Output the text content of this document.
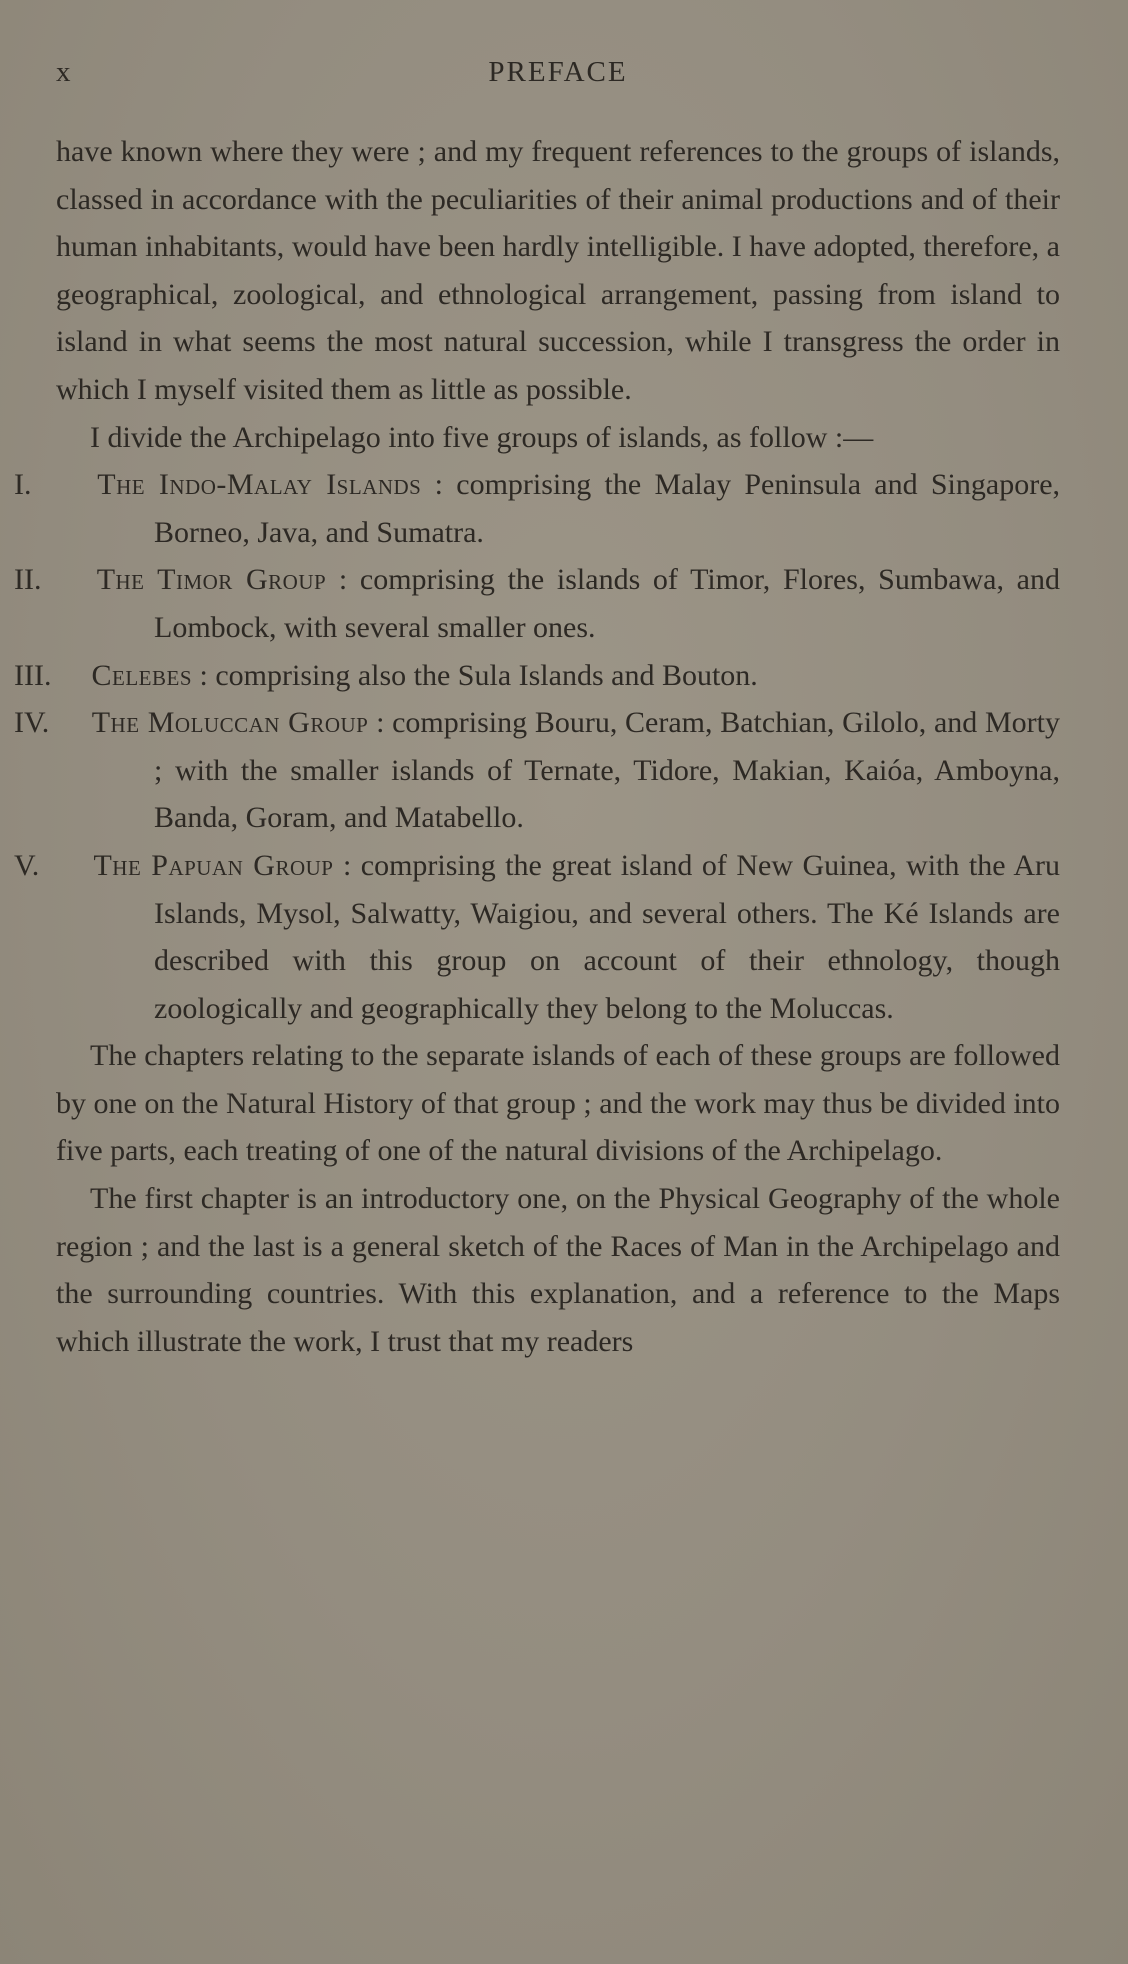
x	PREFACE

have known where they were ; and my frequent references to the groups of islands, classed in accordance with the peculiarities of their animal productions and of their human inhabitants, would have been hardly intelligible. I have adopted, therefore, a geographical, zoological, and ethnological arrangement, passing from island to island in what seems the most natural succession, while I transgress the order in which I myself visited them as little as possible.

I divide the Archipelago into five groups of islands, as follow :—

I. The Indo-Malay Islands : comprising the Malay Peninsula and Singapore, Borneo, Java, and Sumatra.

II. The Timor Group : comprising the islands of Timor, Flores, Sumbawa, and Lombock, with several smaller ones.

III. Celebes : comprising also the Sula Islands and Bouton.

IV. The Moluccan Group : comprising Bouru, Ceram, Batchian, Gilolo, and Morty ; with the smaller islands of Ternate, Tidore, Makian, Kaióa, Amboyna, Banda, Goram, and Matabello.

V. The Papuan Group : comprising the great island of New Guinea, with the Aru Islands, Mysol, Salwatty, Waigiou, and several others. The Ké Islands are described with this group on account of their ethnology, though zoologically and geographically they belong to the Moluccas.

The chapters relating to the separate islands of each of these groups are followed by one on the Natural History of that group ; and the work may thus be divided into five parts, each treating of one of the natural divisions of the Archipelago.

The first chapter is an introductory one, on the Physical Geography of the whole region ; and the last is a general sketch of the Races of Man in the Archipelago and the surrounding countries. With this explanation, and a reference to the Maps which illustrate the work, I trust that my readers
